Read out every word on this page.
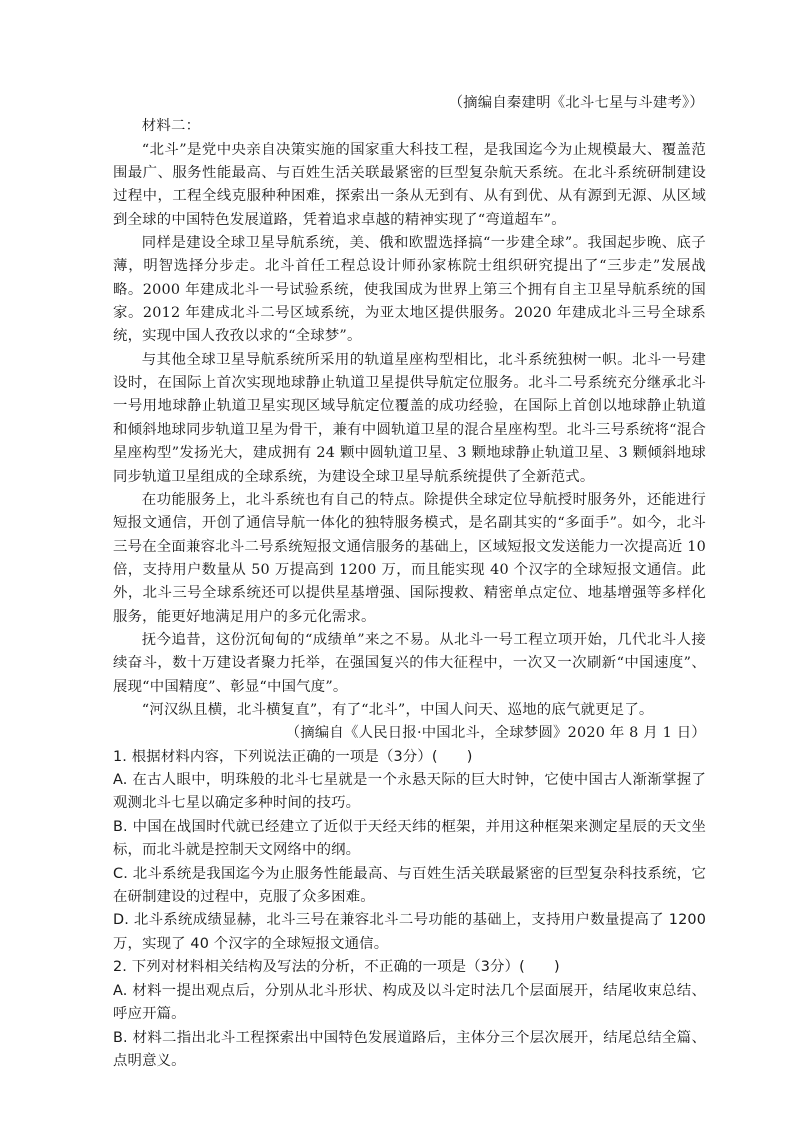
（摘编自秦建明《北斗七星与斗建考》）

材料二：

“北斗”是党中央亲自决策实施的国家重大科技工程，是我国迄今为止规模最大、覆盖范围最广、服务性能最高、与百姓生活关联最紧密的巨型复杂航天系统。在北斗系统研制建设过程中，工程全线克服种种困难，探索出一条从无到有、从有到优、从有源到无源、从区域到全球的中国特色发展道路，凭着追求卓越的精神实现了“弯道超车”。

同样是建设全球卫星导航系统，美、俄和欧盟选择搞“一步建全球”。我国起步晚、底子薄，明智选择分步走。北斗首任工程总设计师孙家栋院士组织研究提出了“三步走”发展战略。2000 年建成北斗一号试验系统，使我国成为世界上第三个拥有自主卫星导航系统的国家。2012 年建成北斗二号区域系统，为亚太地区提供服务。2020 年建成北斗三号全球系统，实现中国人孜孜以求的“全球梦”。

与其他全球卫星导航系统所采用的轨道星座构型相比，北斗系统独树一帜。北斗一号建设时，在国际上首次实现地球静止轨道卫星提供导航定位服务。北斗二号系统充分继承北斗一号用地球静止轨道卫星实现区域导航定位覆盖的成功经验，在国际上首创以地球静止轨道和倾斜地球同步轨道卫星为骨干，兼有中圆轨道卫星的混合星座构型。北斗三号系统将“混合星座构型”发扬光大，建成拥有 24 颗中圆轨道卫星、3 颗地球静止轨道卫星、3 颗倾斜地球同步轨道卫星组成的全球系统，为建设全球卫星导航系统提供了全新范式。

在功能服务上，北斗系统也有自己的特点。除提供全球定位导航授时服务外，还能进行短报文通信，开创了通信导航一体化的独特服务模式，是名副其实的“多面手”。如今，北斗三号在全面兼容北斗二号系统短报文通信服务的基础上，区域短报文发送能力一次提高近 10 倍，支持用户数量从 50 万提高到 1200 万，而且能实现 40 个汉字的全球短报文通信。此外，北斗三号全球系统还可以提供星基增强、国际搜救、精密单点定位、地基增强等多样化服务，能更好地满足用户的多元化需求。

抚今追昔，这份沉甸甸的“成绩单”来之不易。从北斗一号工程立项开始，几代北斗人接续奋斗，数十万建设者聚力托举，在强国复兴的伟大征程中，一次又一次刷新“中国速度”、展现“中国精度”、彰显“中国气度”。

“河汉纵且横，北斗横复直”，有了“北斗”，中国人问天、巡地的底气就更足了。

（摘编自《人民日报·中国北斗，全球梦圆》2020 年 8 月 1 日）

1. 根据材料内容，下列说法正确的一项是（3分）(　　)

A. 在古人眼中，明珠般的北斗七星就是一个永悬天际的巨大时钟，它使中国古人渐渐掌握了观测北斗七星以确定多种时间的技巧。

B. 中国在战国时代就已经建立了近似于天经天纬的框架，并用这种框架来测定星辰的天文坐标，而北斗就是控制天文网络中的纲。

C. 北斗系统是我国迄今为止服务性能最高、与百姓生活关联最紧密的巨型复杂科技系统，它在研制建设的过程中，克服了众多困难。

D. 北斗系统成绩显赫，北斗三号在兼容北斗二号功能的基础上，支持用户数量提高了 1200 万，实现了 40 个汉字的全球短报文通信。

2. 下列对材料相关结构及写法的分析，不正确的一项是（3分）(　　)

A. 材料一提出观点后，分别从北斗形状、构成及以斗定时法几个层面展开，结尾收束总结、呼应开篇。

B. 材料二指出北斗工程探索出中国特色发展道路后，主体分三个层次展开，结尾总结全篇、点明意义。
